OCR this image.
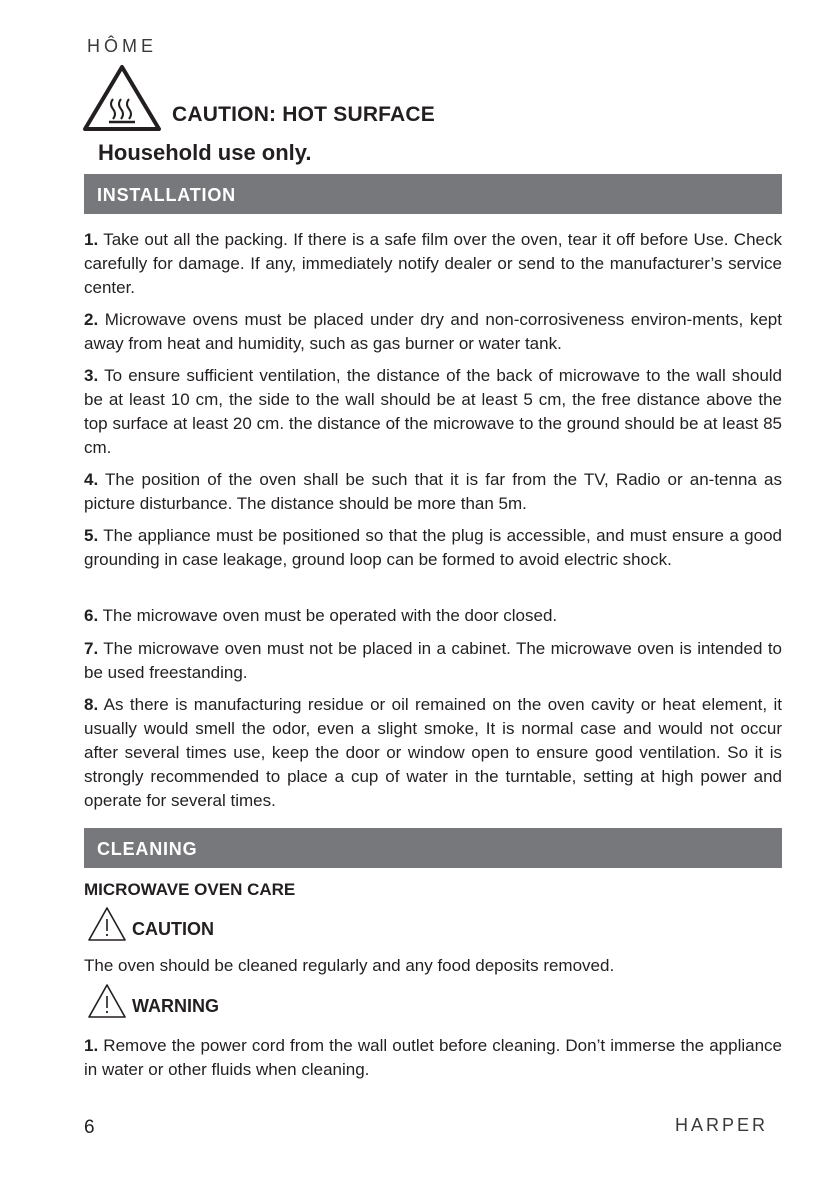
HÔME
CAUTION: HOT SURFACE
Household use only.
INSTALLATION
1. Take out all the packing. If there is a safe film over the oven, tear it off before Use. Check carefully for damage. If any, immediately notify dealer or send to the manufacturer’s service center.
2. Microwave ovens must be placed under dry and non-corrosiveness environ-ments, kept away from heat and humidity, such as gas burner or water tank.
3. To ensure sufficient ventilation, the distance of the back of microwave to the wall should be at least 10 cm, the side to the wall should be at least 5 cm, the free distance above the top surface at least 20 cm. the distance of the microwave to the ground should be at least 85 cm.
4. The position of the oven shall be such that it is far from the TV, Radio or an-tenna as picture disturbance. The distance should be more than 5m.
5. The appliance must be positioned so that the plug is accessible, and must ensure a good grounding in case leakage, ground loop can be formed to avoid electric shock.
6. The microwave oven must be operated with the door closed.
7. The microwave oven must not be placed in a cabinet. The microwave oven is intended to be used freestanding.
8. As there is manufacturing residue or oil remained on the oven cavity or heat element, it usually would smell the odor, even a slight smoke, It is normal case and would not occur after several times use, keep the door or window open to ensure good ventilation. So it is strongly recommended to place a cup of water in the turntable, setting at high power and operate for several times.
CLEANING
MICROWAVE OVEN CARE
CAUTION
The oven should be cleaned regularly and any food deposits removed.
WARNING
1. Remove the power cord from the wall outlet before cleaning. Don’t immerse the appliance in water or other fluids when cleaning.
6	HARPER
